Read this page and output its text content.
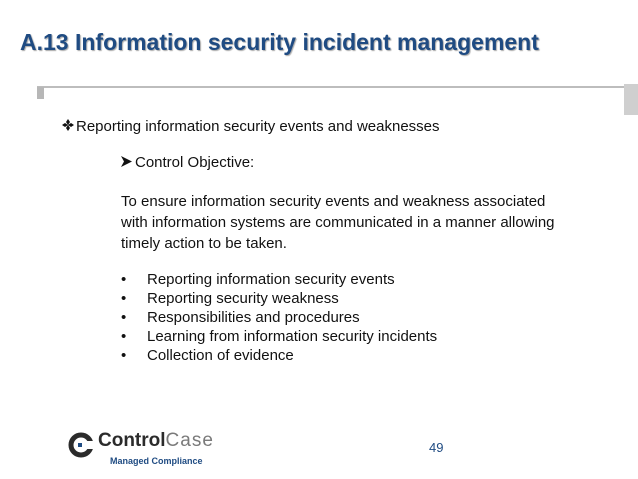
A.13 Information security incident management
Reporting information security events and weaknesses
Control Objective:
To ensure information security events and weakness associated
with information systems are communicated in a manner allowing
timely action to be taken.
• Reporting information security events
• Reporting security weakness
• Responsibilities and procedures
• Learning from information security incidents
• Collection of evidence
ControlCase
Managed Compliance
49
